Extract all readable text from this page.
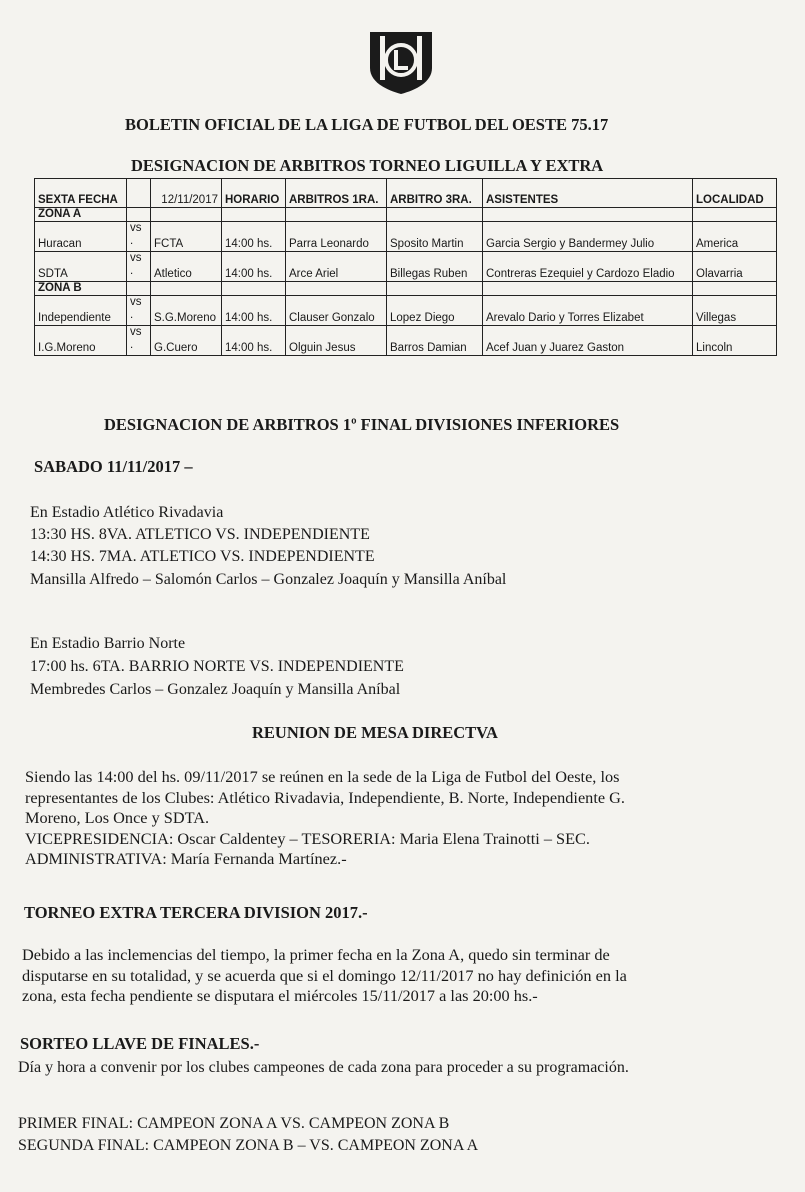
BOLETIN OFICIAL DE LA LIGA DE FUTBOL DEL OESTE 75.17
DESIGNACION DE ARBITROS TORNEO LIGUILLA Y EXTRA
SEXTA FECHA		12/11/2017	HORARIO	ARBITROS 1RA.	ARBITRO 3RA.	ASISTENTES	LOCALIDAD
ZONA A							
Huracan	vs .	FCTA	14:00 hs.	Parra Leonardo	Sposito Martin	Garcia Sergio y Bandermey Julio	America
SDTA	vs .	Atletico	14:00 hs.	Arce Ariel	Billegas Ruben	Contreras Ezequiel y Cardozo Eladio	Olavarria
ZONA B							
Independiente	vs .	S.G.Moreno	14:00 hs.	Clauser Gonzalo	Lopez Diego	Arevalo Dario y Torres Elizabet	Villegas
I.G.Moreno	vs .	G.Cuero	14:00 hs.	Olguin Jesus	Barros Damian	Acef Juan y Juarez Gaston	Lincoln
DESIGNACION DE ARBITROS 1º FINAL DIVISIONES INFERIORES
SABADO 11/11/2017 –
En Estadio Atlético Rivadavia
13:30 HS. 8VA. ATLETICO VS. INDEPENDIENTE
14:30 HS. 7MA. ATLETICO VS. INDEPENDIENTE
Mansilla Alfredo – Salomón Carlos – Gonzalez Joaquín y Mansilla Aníbal
En Estadio Barrio Norte
17:00 hs. 6TA. BARRIO NORTE VS. INDEPENDIENTE
Membredes Carlos – Gonzalez Joaquín y Mansilla Aníbal
REUNION DE MESA DIRECTVA
Siendo las 14:00 del hs. 09/11/2017 se reúnen en la sede de la Liga de Futbol del Oeste, los
representantes de los Clubes: Atlético Rivadavia, Independiente, B. Norte, Independiente G.
Moreno, Los Once y SDTA.
VICEPRESIDENCIA: Oscar Caldentey – TESORERIA: Maria Elena Trainotti – SEC.
ADMINISTRATIVA: María Fernanda Martínez.-
TORNEO EXTRA TERCERA DIVISION 2017.-
Debido a las inclemencias del tiempo, la primer fecha en la Zona A, quedo sin terminar de
disputarse en su totalidad, y se acuerda que si el domingo 12/11/2017 no hay definición en la
zona, esta fecha pendiente se disputara el miércoles 15/11/2017 a las 20:00 hs.-
SORTEO LLAVE DE FINALES.-
Día y hora a convenir por los clubes campeones de cada zona para proceder a su programación.
PRIMER FINAL: CAMPEON ZONA A VS. CAMPEON ZONA B
SEGUNDA FINAL: CAMPEON ZONA B – VS. CAMPEON ZONA A
